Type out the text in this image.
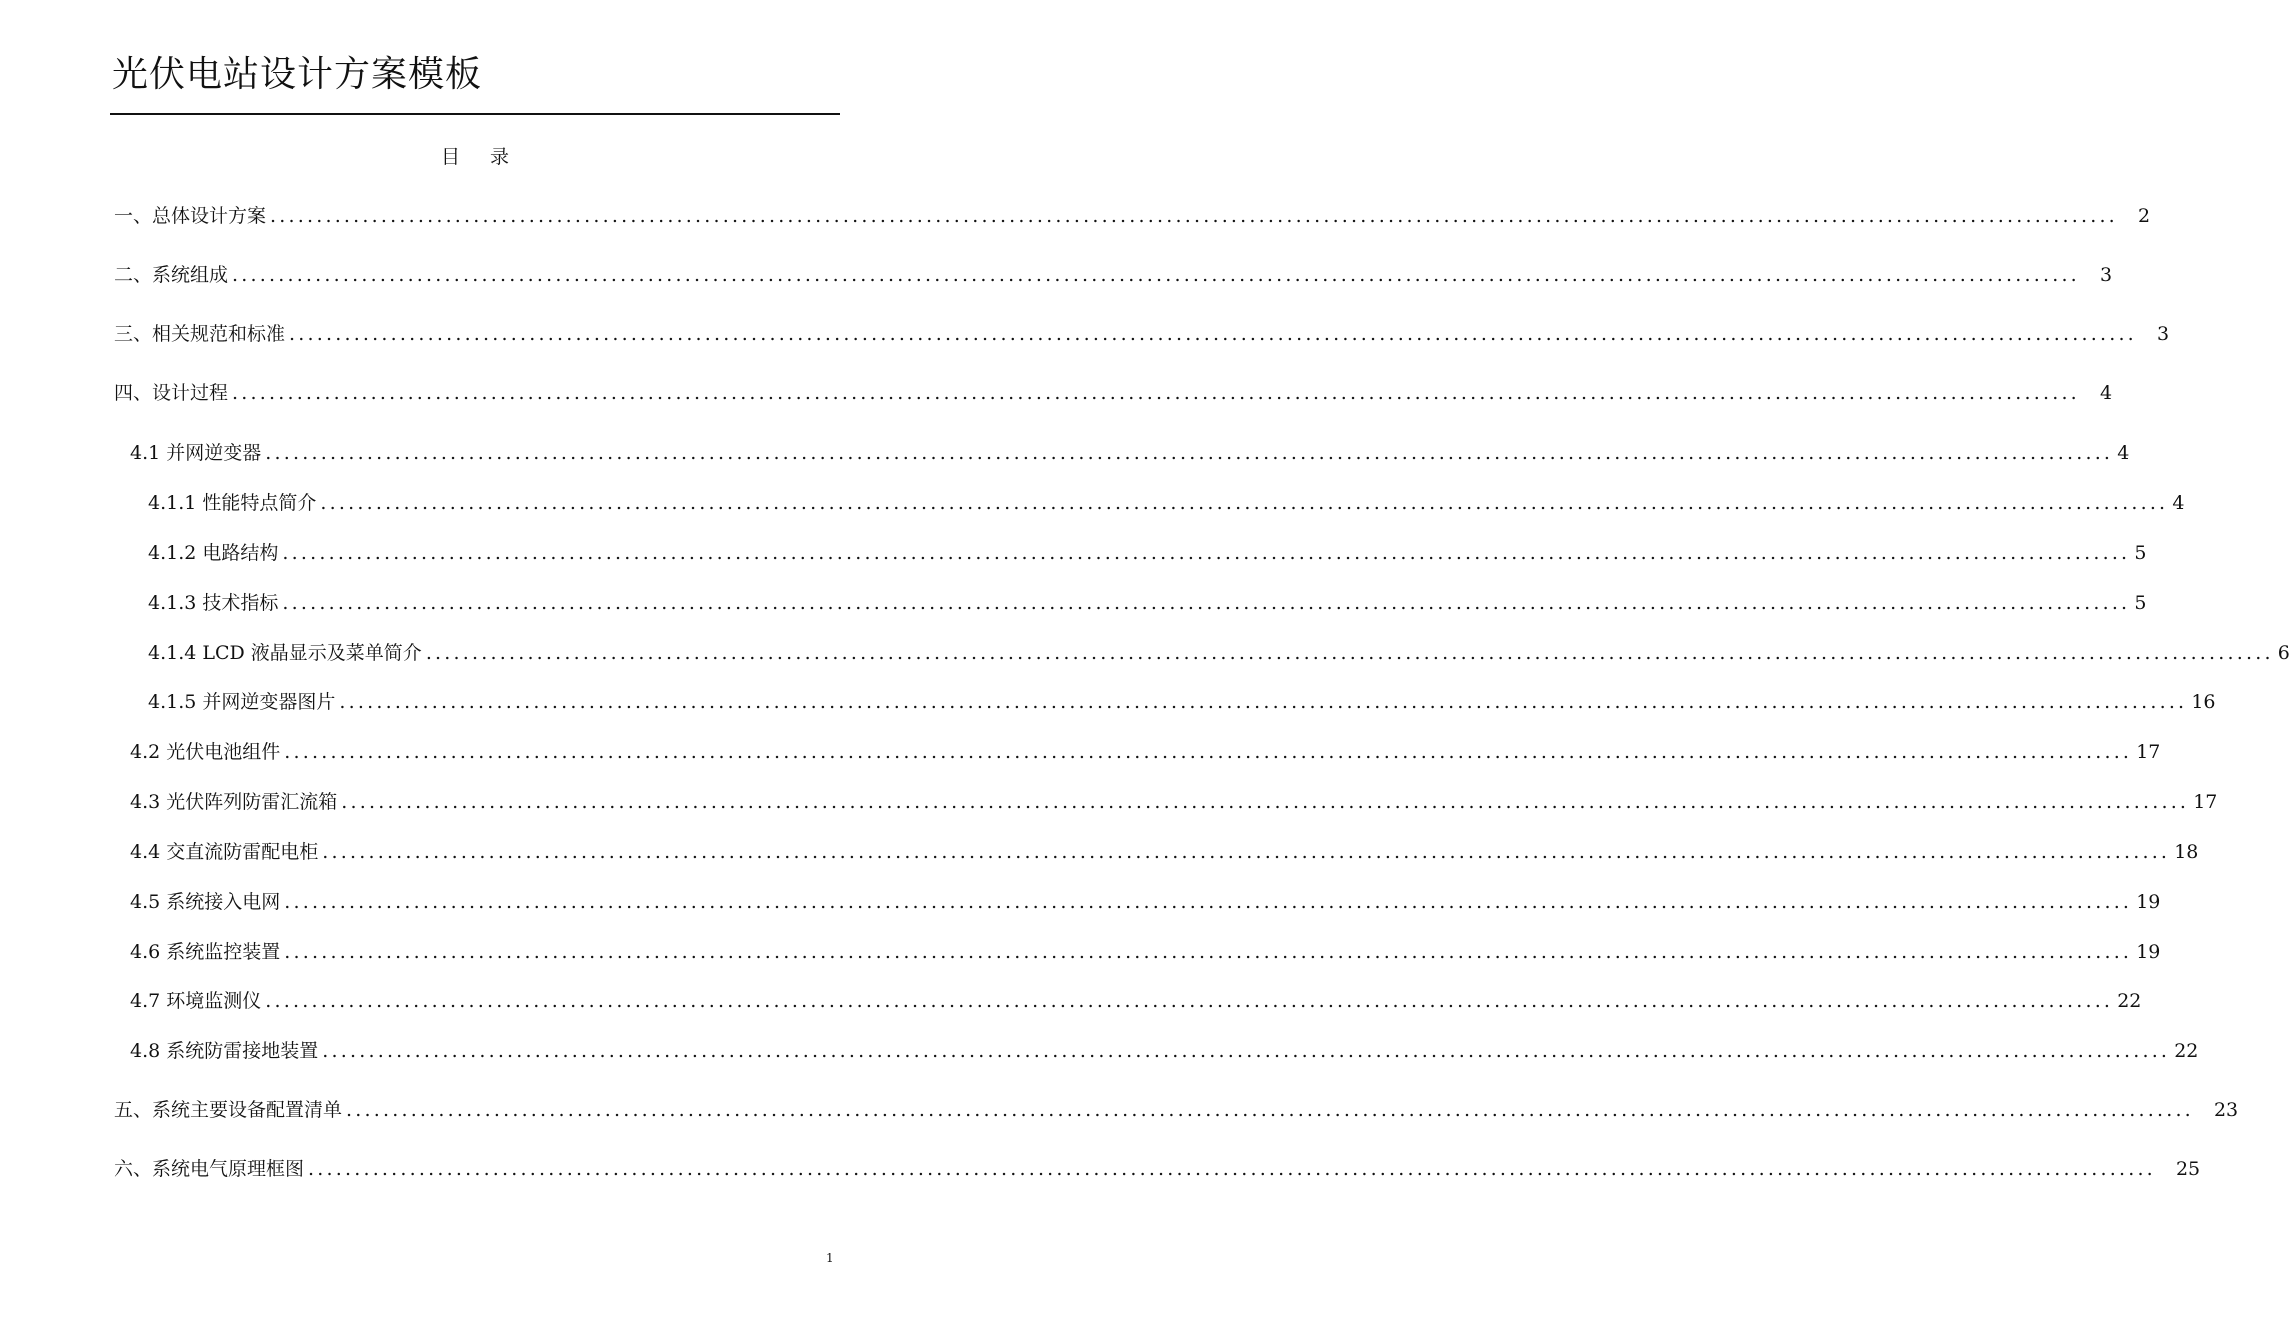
光伏电站设计方案模板
目 录
一、总体设计方案 ........................................................................................................................................................................................................	2
二、系统组成 ........................................................................................................................................................................................................	3
三、相关规范和标准 ........................................................................................................................................................................................................	3
四、设计过程 ........................................................................................................................................................................................................	4
4.1 并网逆变器 ........................................................................................................................................................................................................ 4
4.1.1 性能特点简介 ........................................................................................................................................................................................................ 4
4.1.2 电路结构 ........................................................................................................................................................................................................ 5
4.1.3 技术指标 ........................................................................................................................................................................................................ 5
4.1.4 LCD 液晶显示及菜单简介 ........................................................................................................................................................................................................ 6
4.1.5 并网逆变器图片 ........................................................................................................................................................................................................ 16
4.2 光伏电池组件 ........................................................................................................................................................................................................ 17
4.3 光伏阵列防雷汇流箱 ........................................................................................................................................................................................................ 17
4.4 交直流防雷配电柜 ........................................................................................................................................................................................................ 18
4.5 系统接入电网 ........................................................................................................................................................................................................ 19
4.6 系统监控装置 ........................................................................................................................................................................................................ 19
4.7 环境监测仪 ........................................................................................................................................................................................................ 22
4.8 系统防雷接地装置 ........................................................................................................................................................................................................ 22
五、系统主要设备配置清单 ........................................................................................................................................................................................................	23
六、系统电气原理框图 ........................................................................................................................................................................................................	25
1
